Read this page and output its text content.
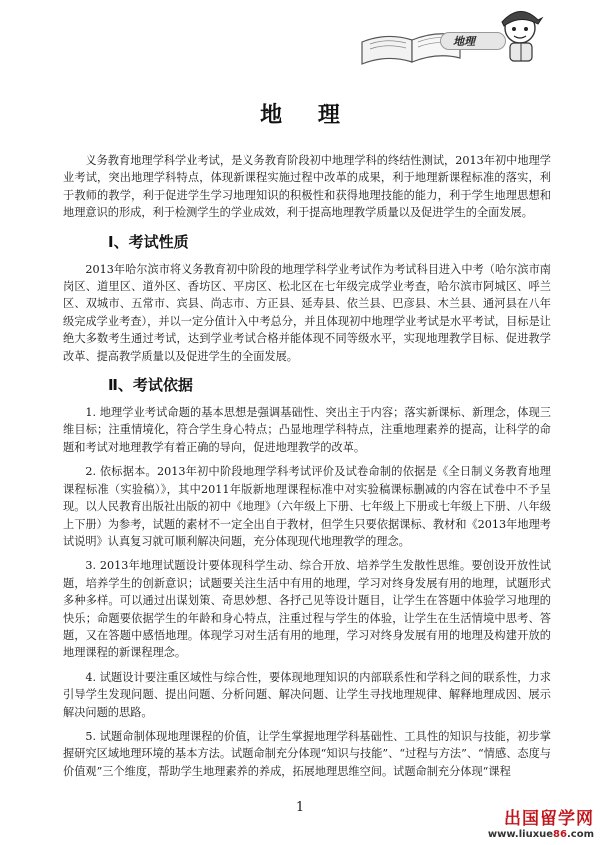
地理
地 理

义务教育地理学科学业考试，是义务教育阶段初中地理学科的终结性测试，2013年初中地理学业考试，突出地理学科特点，体现新课程实施过程中改革的成果，利于地理新课程标准的落实，利于教师的教学，利于促进学生学习地理知识的积极性和获得地理技能的能力，利于学生地理思想和地理意识的形成，利于检测学生的学业成效，利于提高地理教学质量以及促进学生的全面发展。

Ⅰ、考试性质

2013年哈尔滨市将义务教育初中阶段的地理学科学业考试作为考试科目进入中考（哈尔滨市南岗区、道里区、道外区、香坊区、平房区、松北区在七年级完成学业考查，哈尔滨市阿城区、呼兰区、双城市、五常市、宾县、尚志市、方正县、延寿县、依兰县、巴彦县、木兰县、通河县在八年级完成学业考查），并以一定分值计入中考总分，并且体现初中地理学业考试是水平考试，目标是让绝大多数考生通过考试，达到学业考试合格并能体现不同等级水平，实现地理教学目标、促进教学改革、提高教学质量以及促进学生的全面发展。

Ⅱ、考试依据

1. 地理学业考试命题的基本思想是强调基础性、突出主于内容；落实新课标、新理念，体现三维目标；注重情境化，符合学生身心特点；凸显地理学科特点，注重地理素养的提高，让科学的命题和考试对地理教学有着正确的导向，促进地理教学的改革。

2. 依标据本。2013年初中阶段地理学科考试评价及试卷命制的依据是《全日制义务教育地理课程标准（实验稿）》，其中2011年版新地理课程标准中对实验稿课标删减的内容在试卷中不予呈现。以人民教育出版社出版的初中《地理》（六年级上下册、七年级上下册或七年级上下册、八年级上下册）为参考，试题的素材不一定全出自于教材，但学生只要依据课标、教材和《2013年地理考试说明》认真复习就可顺利解决问题，充分体现现代地理教学的理念。

3. 2013年地理试题设计要体现科学生动、综合开放、培养学生发散性思维。要创设开放性试题，培养学生的创新意识；试题要关注生活中有用的地理，学习对终身发展有用的地理，试题形式多种多样。可以通过出谋划策、奇思妙想、各抒己见等设计题目，让学生在答题中体验学习地理的快乐；命题要依据学生的年龄和身心特点，注重过程与学生的体验，让学生在生活情境中思考、答题，又在答题中感悟地理。体现学习对生活有用的地理，学习对终身发展有用的地理及构建开放的地理课程的新课程理念。

4. 试题设计要注重区域性与综合性，要体现地理知识的内部联系性和学科之间的联系性，力求引导学生发现问题、提出问题、分析问题、解决问题、让学生寻找地理规律、解释地理成因、展示解决问题的思路。

5. 试题命制体现地理课程的价值，让学生掌握地理学科基础性、工具性的知识与技能，初步掌握研究区域地理环境的基本方法。试题命制充分体现“知识与技能”、“过程与方法”、“情感、态度与价值观”三个维度，帮助学生地理素养的养成，拓展地理思维空间。试题命制充分体现“课程

1
出国留学网
www.liuxue86.com
